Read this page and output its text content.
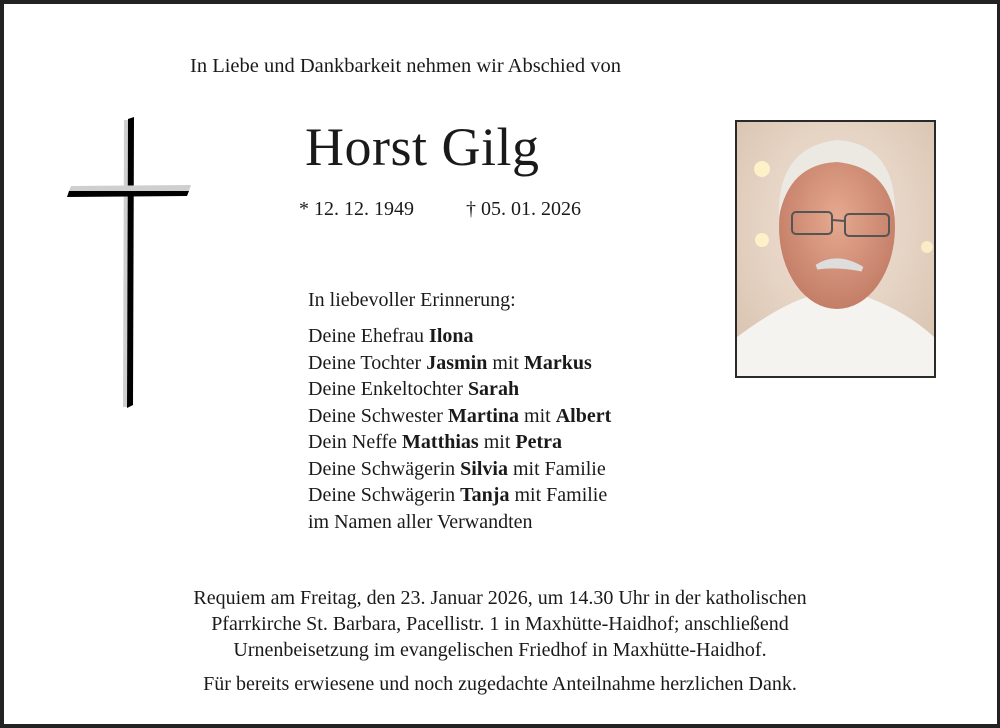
In Liebe und Dankbarkeit nehmen wir Abschied von
Horst Gilg
* 12. 12. 1949	† 05. 01. 2026
In liebevoller Erinnerung:
Deine Ehefrau Ilona
Deine Tochter Jasmin mit Markus
Deine Enkeltochter Sarah
Deine Schwester Martina mit Albert
Dein Neffe Matthias mit Petra
Deine Schwägerin Silvia mit Familie
Deine Schwägerin Tanja mit Familie
im Namen aller Verwandten
Requiem am Freitag, den 23. Januar 2026, um 14.30 Uhr in der katholischen
Pfarrkirche St. Barbara, Pacellistr. 1 in Maxhütte-Haidhof; anschließend
Urnenbeisetzung im evangelischen Friedhof in Maxhütte-Haidhof.
Für bereits erwiesene und noch zugedachte Anteilnahme herzlichen Dank.
